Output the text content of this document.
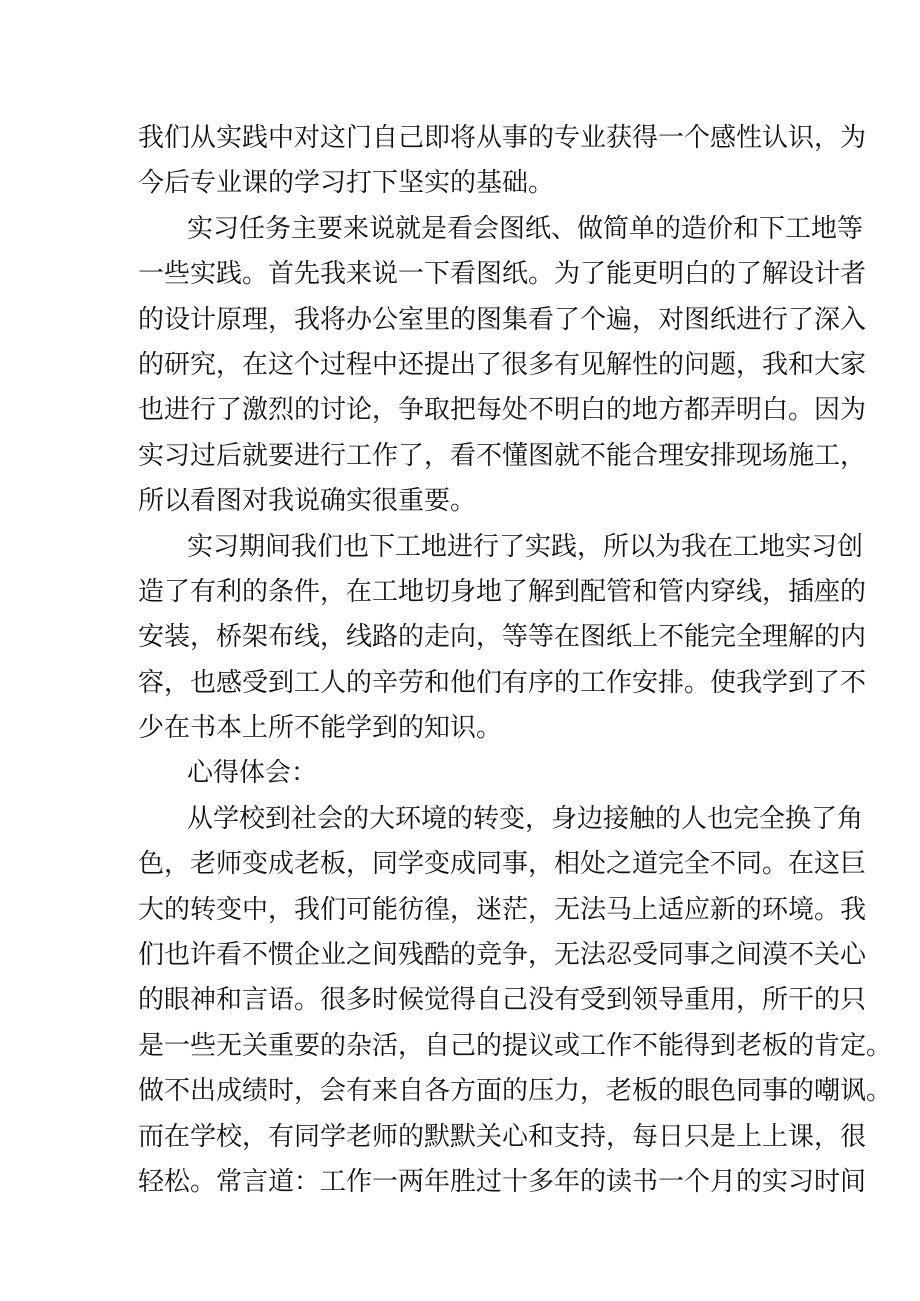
我们从实践中对这门自己即将从事的专业获得一个感性认识，为
今后专业课的学习打下坚实的基础。
实习任务主要来说就是看会图纸、做简单的造价和下工地等
一些实践。首先我来说一下看图纸。为了能更明白的了解设计者
的设计原理，我将办公室里的图集看了个遍，对图纸进行了深入
的研究，在这个过程中还提出了很多有见解性的问题，我和大家
也进行了激烈的讨论，争取把每处不明白的地方都弄明白。因为
实习过后就要进行工作了，看不懂图就不能合理安排现场施工，
所以看图对我说确实很重要。
实习期间我们也下工地进行了实践，所以为我在工地实习创
造了有利的条件，在工地切身地了解到配管和管内穿线，插座的
安装，桥架布线，线路的走向，等等在图纸上不能完全理解的内
容，也感受到工人的辛劳和他们有序的工作安排。使我学到了不
少在书本上所不能学到的知识。
心得体会：
从学校到社会的大环境的转变，身边接触的人也完全换了角
色，老师变成老板，同学变成同事，相处之道完全不同。在这巨
大的转变中，我们可能彷徨，迷茫，无法马上适应新的环境。我
们也许看不惯企业之间残酷的竞争，无法忍受同事之间漠不关心
的眼神和言语。很多时候觉得自己没有受到领导重用，所干的只
是一些无关重要的杂活，自己的提议或工作不能得到老板的肯定。
做不出成绩时，会有来自各方面的压力，老板的眼色同事的嘲讽。
而在学校，有同学老师的默默关心和支持，每日只是上上课，很
轻松。常言道：工作一两年胜过十多年的读书一个月的实习时间
